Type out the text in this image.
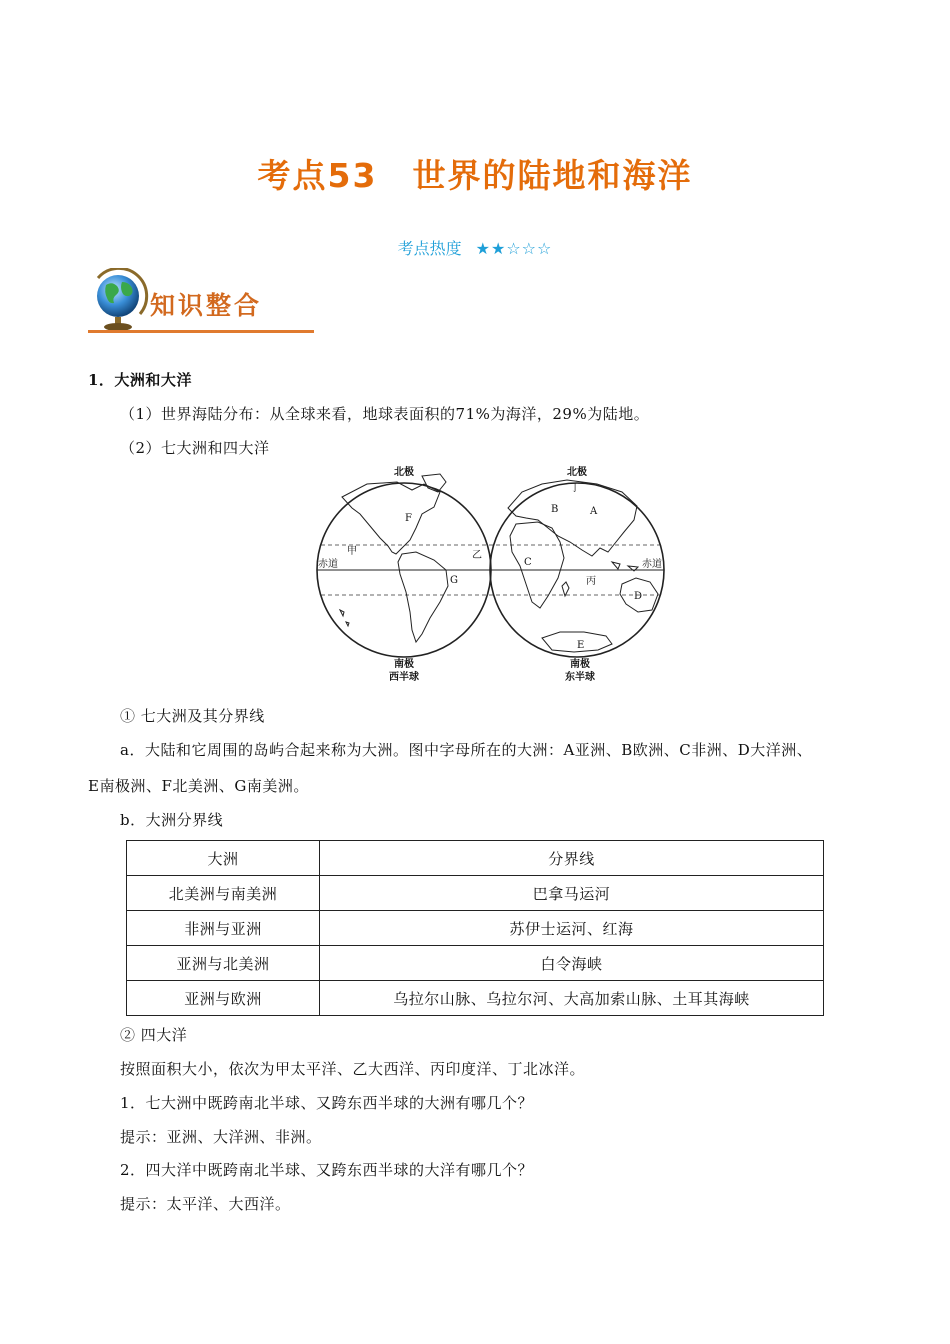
考点53　世界的陆地和海洋
考点热度 ★★☆☆☆
知识整合
1．大洲和大洋
（1）世界海陆分布：从全球来看，地球表面积的71%为海洋，29%为陆地。
（2）七大洲和四大洋
北极	北极
赤道	赤道
南极
西半球
南极
东半球
F
G
甲	乙
丁
B	A
C
丙
D
E
① 七大洲及其分界线
a．大陆和它周围的岛屿合起来称为大洲。图中字母所在的大洲：A亚洲、B欧洲、C非洲、D大洋洲、
E南极洲、F北美洲、G南美洲。
b．大洲分界线
大洲	分界线
北美洲与南美洲	巴拿马运河
非洲与亚洲	苏伊士运河、红海
亚洲与北美洲	白令海峡
亚洲与欧洲	乌拉尔山脉、乌拉尔河、大高加索山脉、土耳其海峡
② 四大洋
按照面积大小，依次为甲太平洋、乙大西洋、丙印度洋、丁北冰洋。
1．七大洲中既跨南北半球、又跨东西半球的大洲有哪几个？
提示：亚洲、大洋洲、非洲。
2．四大洋中既跨南北半球、又跨东西半球的大洋有哪几个？
提示：太平洋、大西洋。
